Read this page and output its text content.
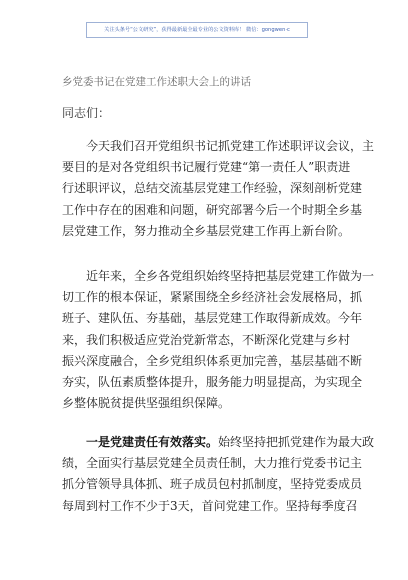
关注头条号“公文研究”，获得最新最全最专业的公文资料库！ 微信：gongwen·c
乡党委书记在党建工作述职大会上的讲话
同志们：
今天我们召开党组织书记抓党建工作述职评议会议，主
要目的是对各党组织书记履行党建“第一责任人”职责进
行述职评议，总结交流基层党建工作经验，深刻剖析党建
工作中存在的困难和问题，研究部署今后一个时期全乡基
层党建工作，努力推动全乡基层党建工作再上新台阶。
近年来，全乡各党组织始终坚持把基层党建工作做为一
切工作的根本保证，紧紧围绕全乡经济社会发展格局，抓
班子、建队伍、夯基础，基层党建工作取得新成效。今年
来，我们积极适应党治党新常态，不断深化党建与乡村
振兴深度融合，全乡党组织体系更加完善，基层基础不断
夯实，队伍素质整体提升，服务能力明显提高，为实现全
乡整体脱贫提供坚强组织保障。
一是党建责任有效落实。始终坚持把抓党建作为最大政
绩，全面实行基层党建全员责任制，大力推行党委书记主
抓分管领导具体抓、班子成员包村抓制度，坚持党委成员
每周到村工作不少于3天，首问党建工作。坚持每季度召
